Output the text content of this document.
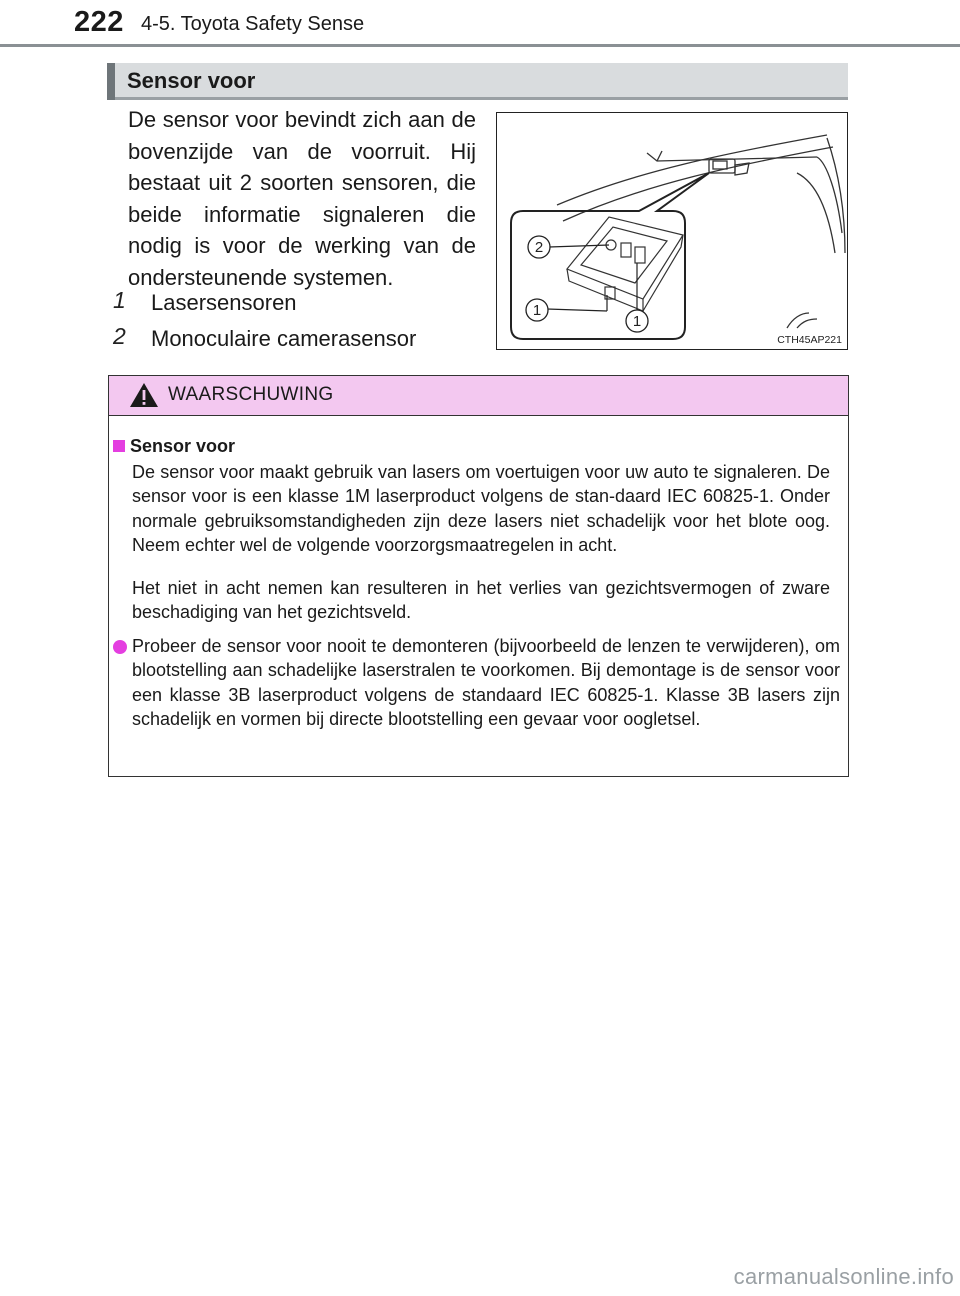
222 4-5. Toyota Safety Sense
Sensor voor
De sensor voor bevindt zich aan de bovenzijde van de voorruit. Hij bestaat uit 2 soorten sensoren, die beide informatie signaleren die nodig is voor de werking van de ondersteunende systemen.
1	Lasersensoren
2	Monoculaire camerasensor
2
1
1
CTH45AP221
WAARSCHUWING
Sensor voor
De sensor voor maakt gebruik van lasers om voertuigen voor uw auto te signaleren. De sensor voor is een klasse 1M laserproduct volgens de stan-daard IEC 60825-1. Onder normale gebruiksomstandigheden zijn deze lasers niet schadelijk voor het blote oog. Neem echter wel de volgende voorzorgsmaatregelen in acht.
Het niet in acht nemen kan resulteren in het verlies van gezichtsvermogen of zware beschadiging van het gezichtsveld.
Probeer de sensor voor nooit te demonteren (bijvoorbeeld de lenzen te verwijderen), om blootstelling aan schadelijke laserstralen te voorkomen. Bij demontage is de sensor voor een klasse 3B laserproduct volgens de standaard IEC 60825-1. Klasse 3B lasers zijn schadelijk en vormen bij directe blootstelling een gevaar voor oogletsel.
carmanualsonline.info
